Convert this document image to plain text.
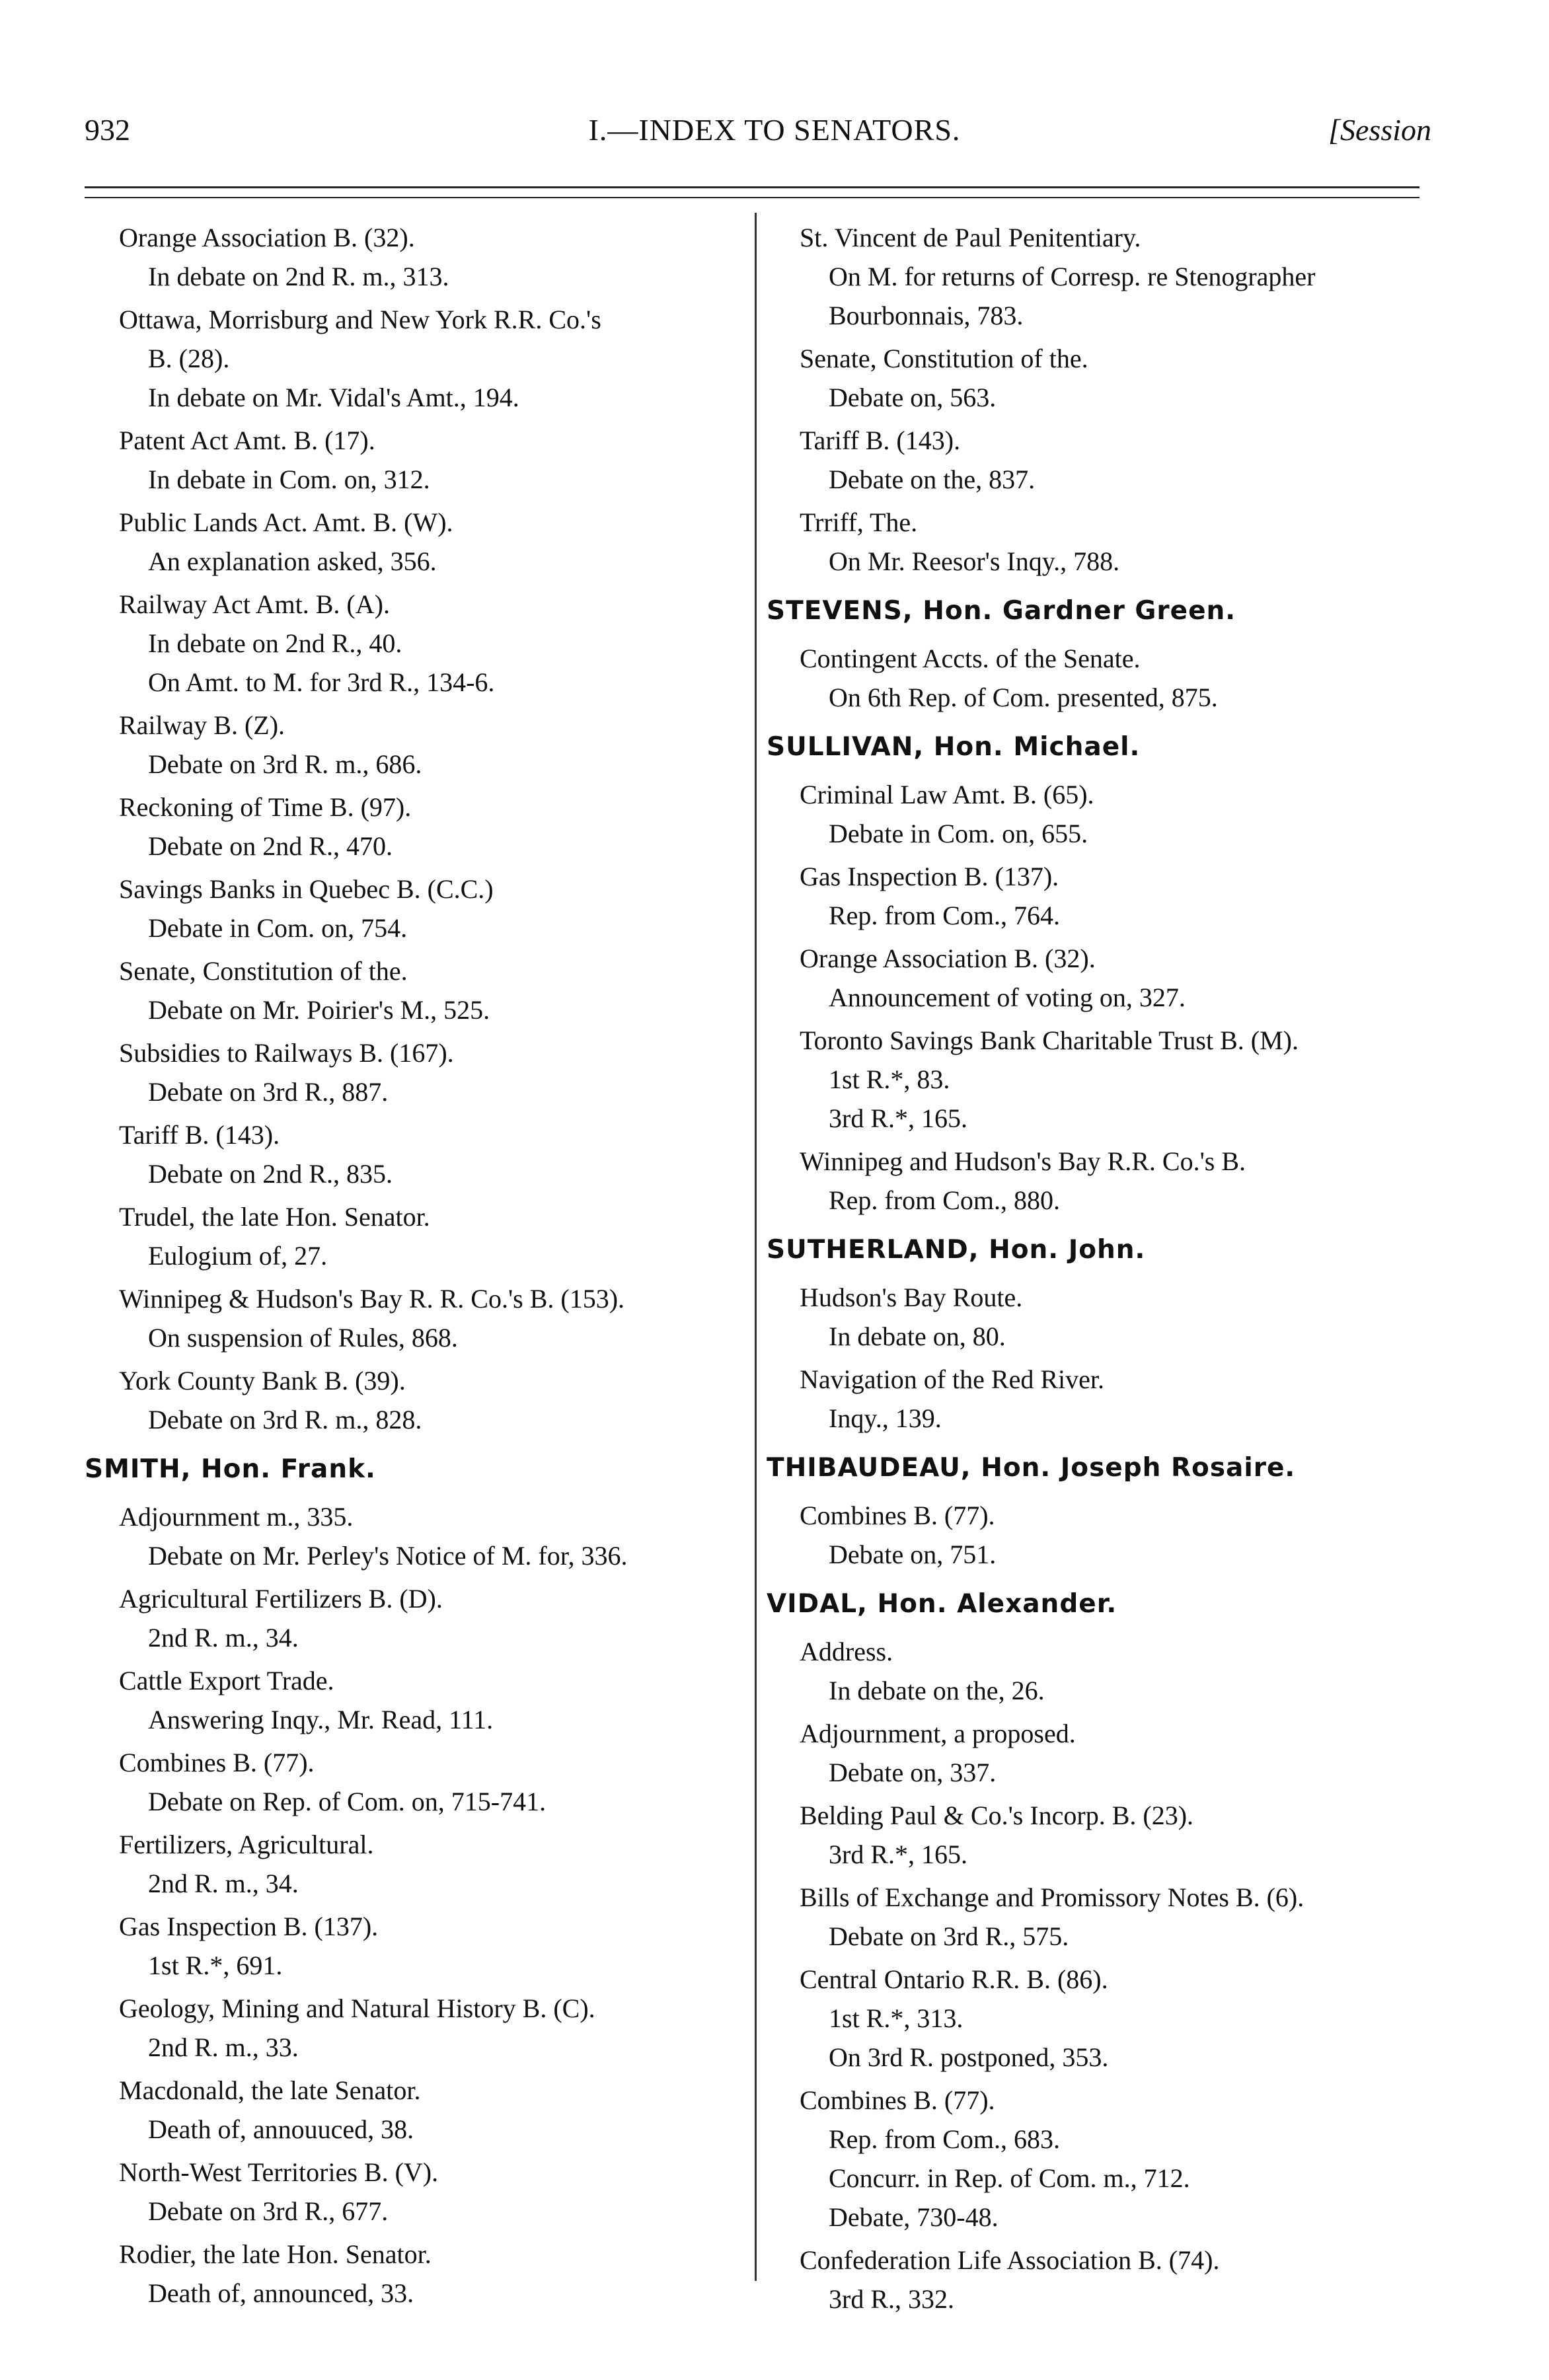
932	I.—INDEX TO SENATORS.	[Session
Orange Association B. (32).
In debate on 2nd R. m., 313.
Ottawa, Morrisburg and New York R.R. Co.'s
B. (28).
In debate on Mr. Vidal's Amt., 194.
Patent Act Amt. B. (17).
In debate in Com. on, 312.
Public Lands Act. Amt. B. (W).
An explanation asked, 356.
Railway Act Amt. B. (A).
In debate on 2nd R., 40.
On Amt. to M. for 3rd R., 134-6.
Railway B. (Z).
Debate on 3rd R. m., 686.
Reckoning of Time B. (97).
Debate on 2nd R., 470.
Savings Banks in Quebec B. (C.C.)
Debate in Com. on, 754.
Senate, Constitution of the.
Debate on Mr. Poirier's M., 525.
Subsidies to Railways B. (167).
Debate on 3rd R., 887.
Tariff B. (143).
Debate on 2nd R., 835.
Trudel, the late Hon. Senator.
Eulogium of, 27.
Winnipeg & Hudson's Bay R. R. Co.'s B. (153).
On suspension of Rules, 868.
York County Bank B. (39).
Debate on 3rd R. m., 828.
SMITH, Hon. Frank.
Adjournment m., 335.
Debate on Mr. Perley's Notice of M. for, 336.
Agricultural Fertilizers B. (D).
2nd R. m., 34.
Cattle Export Trade.
Answering Inqy., Mr. Read, 111.
Combines B. (77).
Debate on Rep. of Com. on, 715-741.
Fertilizers, Agricultural.
2nd R. m., 34.
Gas Inspection B. (137).
1st R.*, 691.
Geology, Mining and Natural History B. (C).
2nd R. m., 33.
Macdonald, the late Senator.
Death of, annouuced, 38.
North-West Territories B. (V).
Debate on 3rd R., 677.
Rodier, the late Hon. Senator.
Death of, announced, 33.
St. Vincent de Paul Penitentiary.
On M. for returns of Corresp. re Stenographer
Bourbonnais, 783.
Senate, Constitution of the.
Debate on, 563.
Tariff B. (143).
Debate on the, 837.
Trriff, The.
On Mr. Reesor's Inqy., 788.
STEVENS, Hon. Gardner Green.
Contingent Accts. of the Senate.
On 6th Rep. of Com. presented, 875.
SULLIVAN, Hon. Michael.
Criminal Law Amt. B. (65).
Debate in Com. on, 655.
Gas Inspection B. (137).
Rep. from Com., 764.
Orange Association B. (32).
Announcement of voting on, 327.
Toronto Savings Bank Charitable Trust B. (M).
1st R.*, 83.
3rd R.*, 165.
Winnipeg and Hudson's Bay R.R. Co.'s B.
Rep. from Com., 880.
SUTHERLAND, Hon. John.
Hudson's Bay Route.
In debate on, 80.
Navigation of the Red River.
Inqy., 139.
THIBAUDEAU, Hon. Joseph Rosaire.
Combines B. (77).
Debate on, 751.
VIDAL, Hon. Alexander.
Address.
In debate on the, 26.
Adjournment, a proposed.
Debate on, 337.
Belding Paul & Co.'s Incorp. B. (23).
3rd R.*, 165.
Bills of Exchange and Promissory Notes B. (6).
Debate on 3rd R., 575.
Central Ontario R.R. B. (86).
1st R.*, 313.
On 3rd R. postponed, 353.
Combines B. (77).
Rep. from Com., 683.
Concurr. in Rep. of Com. m., 712.
Debate, 730-48.
Confederation Life Association B. (74).
3rd R., 332.
